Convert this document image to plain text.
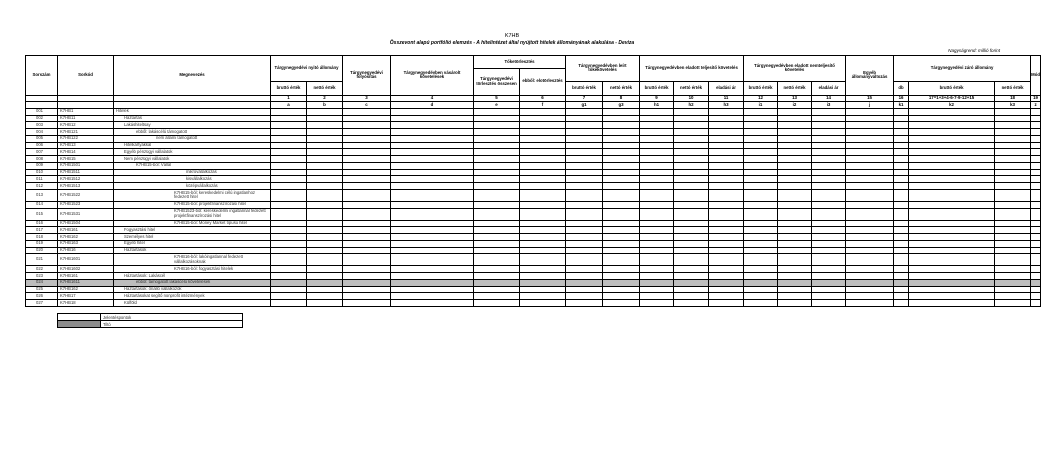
K7HB
Összevont alapú portfólió elemzés - A hitelintézet által nyújtott hitelek állományának alakulása - Deviza
Nagyságrend: millió forint
Sorszám	Sorkód	Megnevezés	Tárgynegyedévi nyitó állomány		Tárgynegyedévi folyósítás	Tárgynegyedévben vásárolt követelések	Tőketörlesztés		Tárgynegyedévben leírt tőkekövetelés		Tárgynegyedévben eladott teljesítő követelés			Tárgynegyedévben eladott nemteljesítő követelés			Egyéb állományváltozás	Tárgynegyedévi záró állomány			Mód
							Tárgynegyedévi törlesztés összesen	ebből: elotörlesztés													
			bruttó érték	nettó érték					bruttó érték	nettó érték	bruttó érték	nettó érték	eladási ár	bruttó érték	nettó érték	eladási ár		db	bruttó érték	nettó érték	
			1	2	3	4	5	6	7	8	9	10	11	12	13	14	15	16	17=1+3+4-6-7-9-12+15	18	19
			a	b	c	d	e	f	g1	g3	h1	h2	h3	i1	i2	i3	j	k1	k2	k3	z
001	K7HB1	Hitelek																			
002	K7HB11	Háztartás																			
003	K7HB12	Lakáshiteltsay																			
004	K7HB121	ebből: lakáscélú támogatott																			
005	K7HB122	nem állami támogatott																			
006	K7HB13	Hitelkártyákkal																			
007	K7HB14	Egyéb pénzügyi vállalatok																			
008	K7HB15	Nem pénzügyi vállalatok																			
009	K7HB1501	K7HB15-ból: Vállal																			
010	K7HB1511	mikrovállalkozás																			
011	K7HB1512	kisvállalkozás																			
012	K7HB1513	középvállalkozás																			
013	K7HB1522	K7HB15-ból: kereskedelmi célú ingatlanhoz fedezett hitel																			
014	K7HB1523	K7HB15-ból: projektfinanszírozási hitel																			
015	K7HB1531	K7HB1523-ból: kereskedelmi ingatlannal fedezett projektfinanszírozási hitel																			
016	K7HB1504	K7HB15-ból: Money Market típusú hitel																			
017	K7HB161	Fogyasztási hitel																			
018	K7HB162	Személyes hitel																			
019	K7HB163	Egyéb hitel																			
020	K7HB16	Háztartások																			
021	K7HB1601	K7HB16-ból: lakóingatlannal fedezett vállalkozásoknak																			
022	K7HB1602	K7HB16-ból: fogyasztási hitelek																			
023	K7HB161	Háztartások: Lakáscél																			
024	K7HB1611	ebből: támogatott lakáscélú követelések																			
025	K7HB162	Háztartások: önálló vállalkozók																			
026	K7HB17	Háztartásokat segítő nonprofit intézmények																			
027	K7HB18	Külföld																			
	Jelentéspontok
	Tiltó
